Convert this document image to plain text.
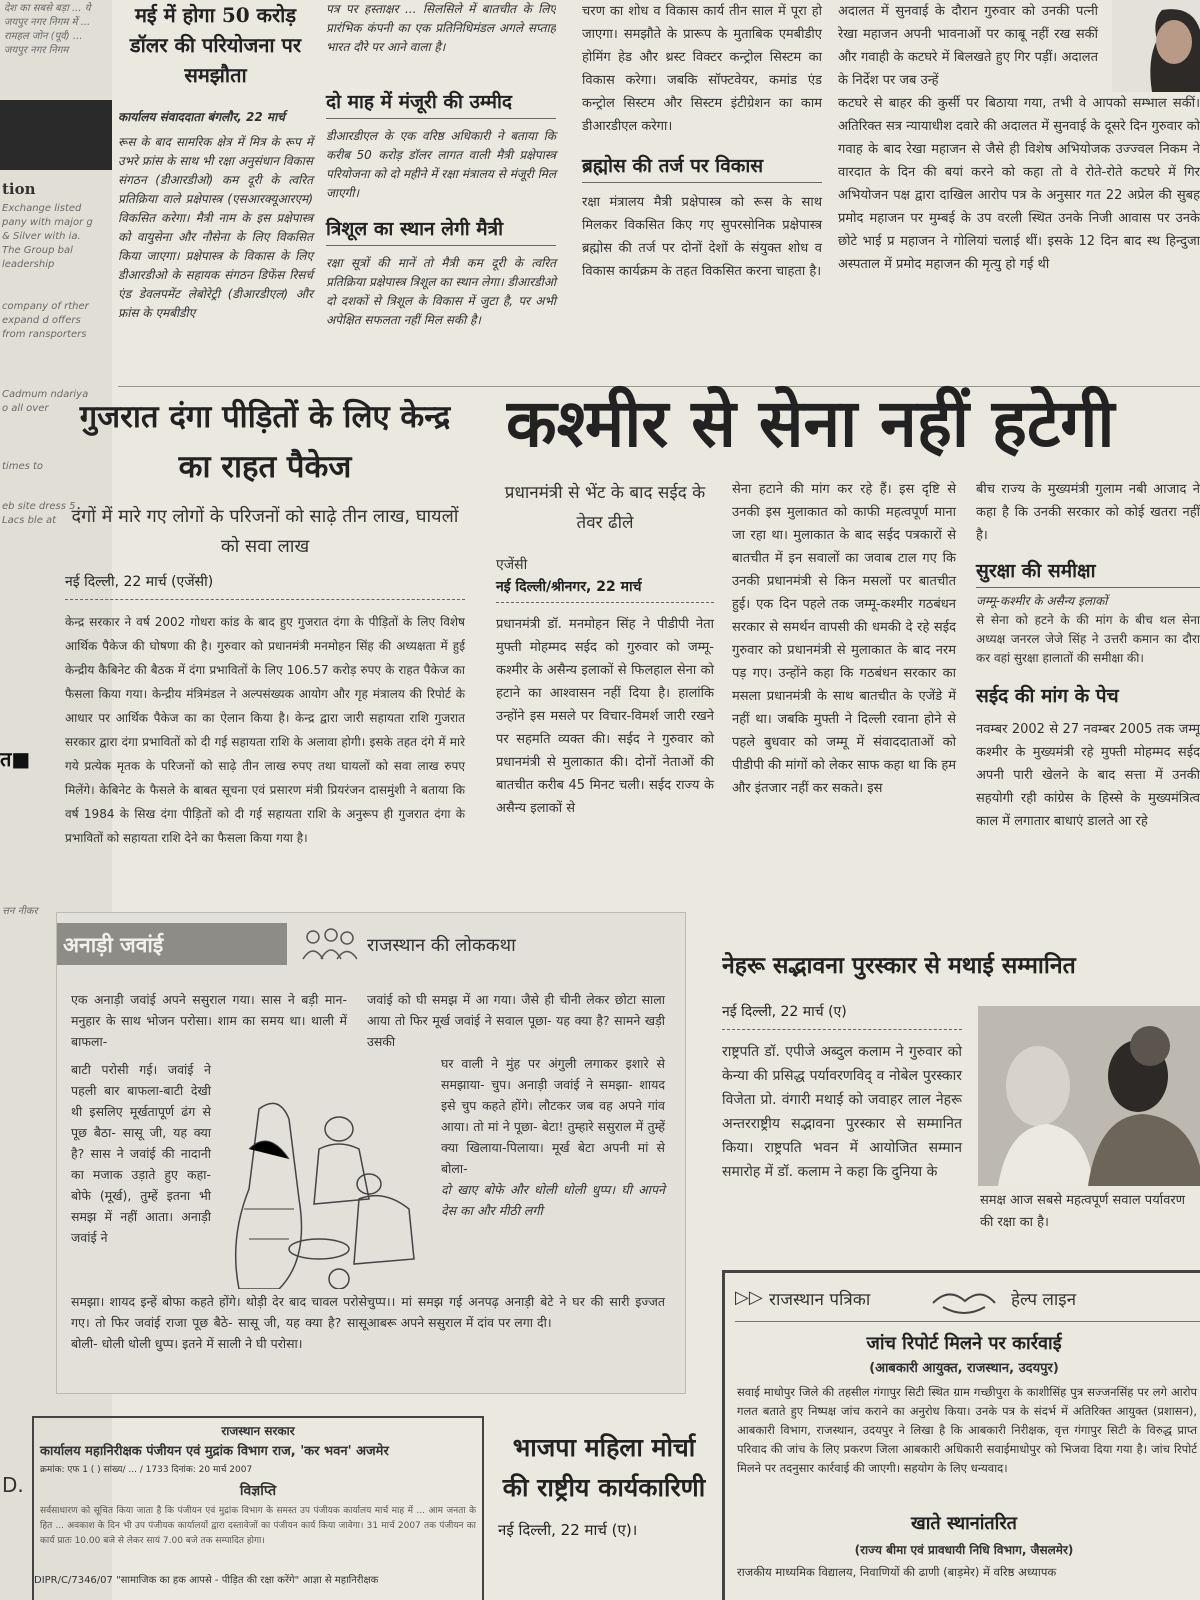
देश का सबसे बड़ा ... ये जयपुर नगर निगम में ... रामहल जोन (पूर्व) ... जयपुर नगर निगम
tion
Exchange listed pany with major g & Silver with ia. The Group bal leadership
company of rther expand d offers from ransporters
Cadmum ndariya o all over
times to
eb site dress 5 Lacs ble at
त्तन नीकर
त■
D.

मई में होगा 50 करोड़ डॉलर की परियोजना पर समझौता

कार्यालय संवाददाता बंगलौर, 22 मार्च

रूस के बाद सामरिक क्षेत्र में मित्र के रूप में उभरे फ्रांस के साथ भी रक्षा अनुसंधान विकास संगठन (डीआरडीओ) कम दूरी के त्वरित प्रतिक्रिया वाले प्रक्षेपास्त्र (एसआरक्यूआरएम) विकसित करेगा। मैत्री नाम के इस प्रक्षेपास्त्र को वायुसेना और नौसेना के लिए विकसित किया जाएगा। प्रक्षेपास्त्र के विकास के लिए डीआरडीओ के सहायक संगठन डिफेंस रिसर्च एंड डेवलपमेंट लेबोरेट्री (डीआरडीएल) और फ्रांस के एमबीडीए

पत्र पर हस्ताक्षर ... सिलसिले में बातचीत के लिए प्रारंभिक कंपनी का एक प्रतिनिधिमंडल अगले सप्ताह भारत दौरे पर आने वाला है।

दो माह में मंजूरी की उम्मीद

डीआरडीएल के एक वरिष्ठ अधिकारी ने बताया कि करीब 50 करोड़ डॉलर लागत वाली मैत्री प्रक्षेपास्त्र परियोजना को दो महीने में रक्षा मंत्रालय से मंजूरी मिल जाएगी।

त्रिशूल का स्थान लेगी मैत्री

रक्षा सूत्रों की मानें तो मैत्री कम दूरी के त्वरित प्रतिक्रिया प्रक्षेपास्त्र त्रिशूल का स्थान लेगा। डीआरडीओ दो दशकों से त्रिशूल के विकास में जुटा है, पर अभी अपेक्षित सफलता नहीं मिल सकी है।

चरण का शोध व विकास कार्य तीन साल में पूरा हो जाएगा। समझौते के प्रारूप के मुताबिक एमबीडीए होमिंग हेड और थ्रस्ट विक्टर कन्ट्रोल सिस्टम का विकास करेगा। जबकि सॉफ्टवेयर, कमांड एंड कन्ट्रोल सिस्टम और सिस्टम इंटीग्रेशन का काम डीआरडीएल करेगा।

ब्रह्मोस की तर्ज पर विकास

रक्षा मंत्रालय मैत्री प्रक्षेपास्त्र को रूस के साथ मिलकर विकसित किए गए सुपरसोनिक प्रक्षेपास्त्र ब्रह्मोस की तर्ज पर दोनों देशों के संयुक्त शोध व विकास कार्यक्रम के तहत विकसित करना चाहता है।

अदालत में सुनवाई के दौरान गुरुवार को उनकी पत्नी रेखा महाजन अपनी भावनाओं पर काबू नहीं रख सकीं और गवाही के कटघरे में बिलखते हुए गिर पड़ीं। अदालत के निर्देश पर जब उन्हें

कटघरे से बाहर की कुर्सी पर बिठाया गया, तभी वे आपको सम्भाल सकीं। अतिरिक्त सत्र न्यायाधीश दवारे की अदालत में सुनवाई के दूसरे दिन गुरुवार को गवाह के बाद रेखा महाजन से जैसे ही विशेष अभियोजक उज्ज्वल निकम ने वारदात के दिन की बयां करने को कहा तो वे रोते-रोते कटघरे में गिर अभियोजन पक्ष द्वारा दाखिल आरोप पत्र के अनुसार गत 22 अप्रेल की सुबह प्रमोद महाजन पर मुम्बई के उप वरली स्थित उनके निजी आवास पर उनके छोटे भाई प्र महाजन ने गोलियां चलाई थीं। इसके 12 दिन बाद स्थ हिन्दुजा अस्पताल में प्रमोद महाजन की मृत्यु हो गई थी

गुजरात दंगा पीड़ितों के लिए केन्द्र का राहत पैकेज

दंगों में मारे गए लोगों के परिजनों को साढ़े तीन लाख, घायलों को सवा लाख

नई दिल्ली, 22 मार्च (एजेंसी)

केन्द्र सरकार ने वर्ष 2002 गोधरा कांड के बाद हुए गुजरात दंगा के पीड़ितों के लिए विशेष आर्थिक पैकेज की घोषणा की है। गुरुवार को प्रधानमंत्री मनमोहन सिंह की अध्यक्षता में हुई केन्द्रीय कैबिनेट की बैठक में दंगा प्रभावितों के लिए 106.57 करोड़ रुपए के राहत पैकेज का फैसला किया गया। केन्द्रीय मंत्रिमंडल ने अल्पसंख्यक आयोग और गृह मंत्रालय की रिपोर्ट के आधार पर आर्थिक पैकेज का का ऐलान किया है। केन्द्र द्वारा जारी सहायता राशि गुजरात सरकार द्वारा दंगा प्रभावितों को दी गई सहायता राशि के अलावा होगी। इसके तहत दंगे में मारे गये प्रत्येक मृतक के परिजनों को साढ़े तीन लाख रुपए तथा घायलों को सवा लाख रुपए मिलेंगे। केबिनेट के फैसले के बाबत सूचना एवं प्रसारण मंत्री प्रियरंजन दासमुंशी ने बताया कि वर्ष 1984 के सिख दंगा पीड़ितों को दी गई सहायता राशि के अनुरूप ही गुजरात दंगा के प्रभावितों को सहायता राशि देने का फैसला किया गया है।

कश्मीर से सेना नहीं हटेगी

प्रधानमंत्री से भेंट के बाद सईद के तेवर ढीले

एजेंसी

नई दिल्ली/श्रीनगर, 22 मार्च

प्रधानमंत्री डॉ. मनमोहन सिंह ने पीडीपी नेता मुफ्ती मोहम्मद सईद को गुरुवार को जम्मू-कश्मीर के असैन्य इलाकों से फिलहाल सेना को हटाने का आश्वासन नहीं दिया है। हालांकि उन्होंने इस मसले पर विचार-विमर्श जारी रखने पर सहमति व्यक्त की। सईद ने गुरुवार को प्रधानमंत्री से मुलाकात की। दोनों नेताओं की बातचीत करीब 45 मिनट चली। सईद राज्य के असैन्य इलाकों से

सेना हटाने की मांग कर रहे हैं। इस दृष्टि से उनकी इस मुलाकात को काफी महत्वपूर्ण माना जा रहा था। मुलाकात के बाद सईद पत्रकारों से बातचीत में इन सवालों का जवाब टाल गए कि उनकी प्रधानमंत्री से किन मसलों पर बातचीत हुई। एक दिन पहले तक जम्मू-कश्मीर गठबंधन सरकार से समर्थन वापसी की धमकी दे रहे सईद गुरुवार को प्रधानमंत्री से मुलाकात के बाद नरम पड़ गए। उन्होंने कहा कि गठबंधन सरकार का मसला प्रधानमंत्री के साथ बातचीत के एजेंडे में नहीं था। जबकि मुफ्ती ने दिल्ली रवाना होने से पहले बुधवार को जम्मू में संवाददाताओं को पीडीपी की मांगों को लेकर साफ कहा था कि हम और इंतजार नहीं कर सकते। इस

बीच राज्य के मुख्यमंत्री गुलाम नबी आजाद ने कहा है कि उनकी सरकार को कोई खतरा नहीं है।

सुरक्षा की समीक्षा

जम्मू-कश्मीर के असैन्य इलाकों

से सेना को हटने के की मांग के बीच थल सेना अध्यक्ष जनरल जेजे सिंह ने उत्तरी कमान का दौरा कर वहां सुरक्षा हालातों की समीक्षा की।

सईद की मांग के पेच

नवम्बर 2002 से 27 नवम्बर 2005 तक जम्मू कश्मीर के मुख्यमंत्री रहे मुफ्ती मोहम्मद सईद अपनी पारी खेलने के बाद सत्ता में उनकी सहयोगी रही कांग्रेस के हिस्से के मुख्यमंत्रित्व काल में लगातार बाधाएं डालते आ रहे

अनाड़ी जवांई	राजस्थान की लोककथा

एक अनाड़ी जवांई अपने ससुराल गया। सास ने बड़ी मान-मनुहार के साथ भोजन परोसा। शाम का समय था। थाली में बाफला-

बाटी परोसी गई। जवांई ने पहली बार बाफला-बाटी देखी थी इसलिए मूर्खतापूर्ण ढंग से पूछ बैठा- सासू जी, यह क्या है? सास ने जवांई की नादानी का मजाक उड़ाते हुए कहा- बोफे (मूर्ख), तुम्हें इतना भी समझ में नहीं आता। अनाड़ी जवांई ने

समझा। शायद इन्हें बोफा कहते होंगे। थोड़ी देर बाद चावल परोसे गए। तो फिर जवांई राजा पूछ बैठे- सासू जी, यह क्या है? सासू बोली- धोली धोली धुप्प। इतने में साली ने घी परोसा।

जवांई को घी समझ में आ गया। जैसे ही चीनी लेकर छोटा साला आया तो फिर मूर्ख जवांई ने सवाल पूछा- यह क्या है? सामने खड़ी उसकी

घर वाली ने मुंह पर अंगुली लगाकर इशारे से समझाया- चुप। अनाड़ी जवांई ने समझा- शायद इसे चुप कहते होंगे। लौटकर जब वह अपने गांव आया। तो मां ने पूछा- बेटा! तुम्हारे ससुराल में तुम्हें क्या खिलाया-पिलाया। मूर्ख बेटा अपनी मां से बोला-

दो खाए बोफे और धोली धोली धुप्प। घी आपने देस का और मीठी लगी

चुप्प।। मां समझ गई अनपढ़ अनाड़ी बेटे ने घर की सारी इज्जत आबरू अपने ससुराल में दांव पर लगा दी।

नेहरू सद्भावना पुरस्कार से मथाई सम्मानित

नई दिल्ली, 22 मार्च (ए)

राष्ट्रपति डॉ. एपीजे अब्दुल कलाम ने गुरुवार को केन्या की प्रसिद्ध पर्यावरणविद् व नोबेल पुरस्कार विजेता प्रो. वंगारी मथाई को जवाहर लाल नेहरू अन्तरराष्ट्रीय सद्भावना पुरस्कार से सम्मानित किया। राष्ट्रपति भवन में आयोजित सम्मान समारोह में डॉ. कलाम ने कहा कि दुनिया के

समक्ष आज सबसे महत्वपूर्ण सवाल पर्यावरण की रक्षा का है।

▷▷ राजस्थान पत्रिका	हेल्प लाइन

जांच रिपोर्ट मिलने पर कार्रवाई

(आबकारी आयुक्त, राजस्थान, उदयपुर)

सवाई माधोपुर जिले की तहसील गंगापुर सिटी स्थित ग्राम गच्छीपुरा के काशीसिंह पुत्र सज्जनसिंह पर लगे आरोप गलत बताते हुए निष्पक्ष जांच कराने का अनुरोध किया। उनके पत्र के संदर्भ में अतिरिक्त आयुक्त (प्रशासन), आबकारी विभाग, राजस्थान, उदयपुर ने लिखा है कि आबकारी निरीक्षक, वृत्त गंगापुर सिटी के विरुद्ध प्राप्त परिवाद की जांच के लिए प्रकरण जिला आबकारी अधिकारी सवाईमाधोपुर को भिजवा दिया गया है। जांच रिपोर्ट मिलने पर तदनुसार कार्रवाई की जाएगी। सहयोग के लिए धन्यवाद।

खाते स्थानांतरित

(राज्य बीमा एवं प्रावधायी निधि विभाग, जैसलमेर)

राजकीय माध्यमिक विद्यालय, निवाणियों की ढाणी (बाड़मेर) में वरिष्ठ अध्यापक

राजस्थान सरकार

कार्यालय महानिरीक्षक पंजीयन एवं मुद्रांक विभाग राज, 'कर भवन' अजमेर

क्रमांक: एफ 1 ( ) सांख्य/ ... / 1733 दिनांक: 20 मार्च 2007

विज्ञप्ति

सर्वसाधारण को सूचित किया जाता है कि पंजीयन एवं मुद्रांक विभाग के समस्त उप पंजीयक कार्यालय मार्च माह में ... आम जनता के हित ... अवकाश के दिन भी उप पंजीयक कार्यालयों द्वारा दस्तावेजों का पंजीयन कार्य किया जावेगा। 31 मार्च 2007 तक पंजीयन का कार्य प्रातः 10.00 बजे से लेकर सायं 7.00 बजे तक सम्पादित होगा।

DIPR/C/7346/07 "सामाजिक का हक आपसे - पीड़ित की रक्षा करेंगे" आज्ञा से महानिरीक्षक

भाजपा महिला मोर्चा की राष्ट्रीय कार्यकारिणी

नई दिल्ली, 22 मार्च (ए)।
